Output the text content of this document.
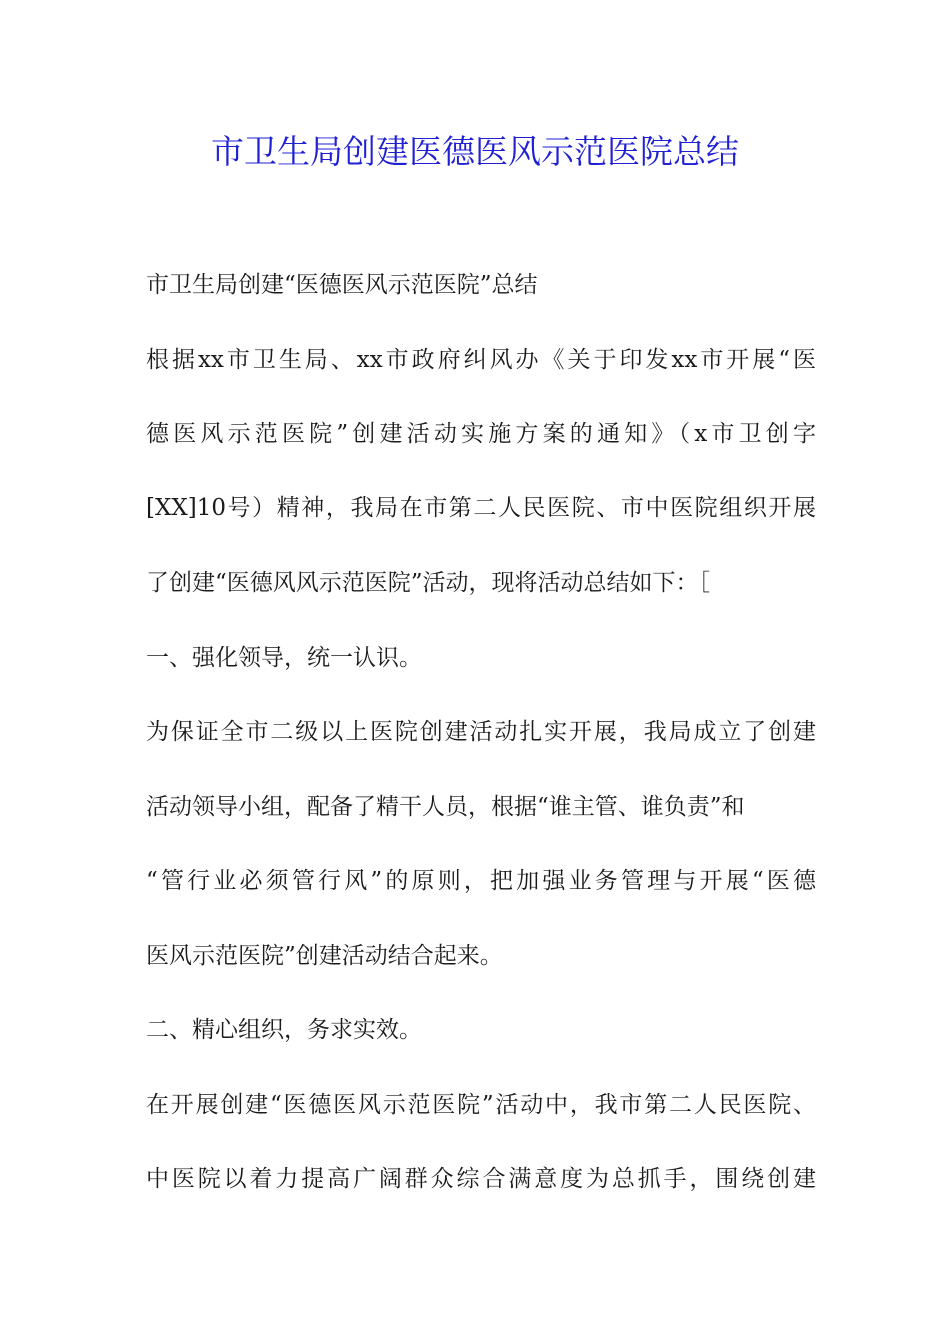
市卫生局创建医德医风示范医院总结

市卫生局创建“医德医风示范医院”总结

根据xx市卫生局、xx市政府纠风办《关于印发xx市开展“医

德医风示范医院”创建活动实施方案的通知》（x市卫创字

[XX]10号）精神，我局在市第二人民医院、市中医院组织开展

了创建“医德风风示范医院”活动，现将活动总结如下：［

一、强化领导，统一认识。

为保证全市二级以上医院创建活动扎实开展，我局成立了创建

活动领导小组，配备了精干人员，根据“谁主管、谁负责”和

“管行业必须管行风”的原则，把加强业务管理与开展“医德

医风示范医院”创建活动结合起来。

二、精心组织，务求实效。

在开展创建“医德医风示范医院”活动中，我市第二人民医院、

中医院以着力提高广阔群众综合满意度为总抓手，围绕创建
